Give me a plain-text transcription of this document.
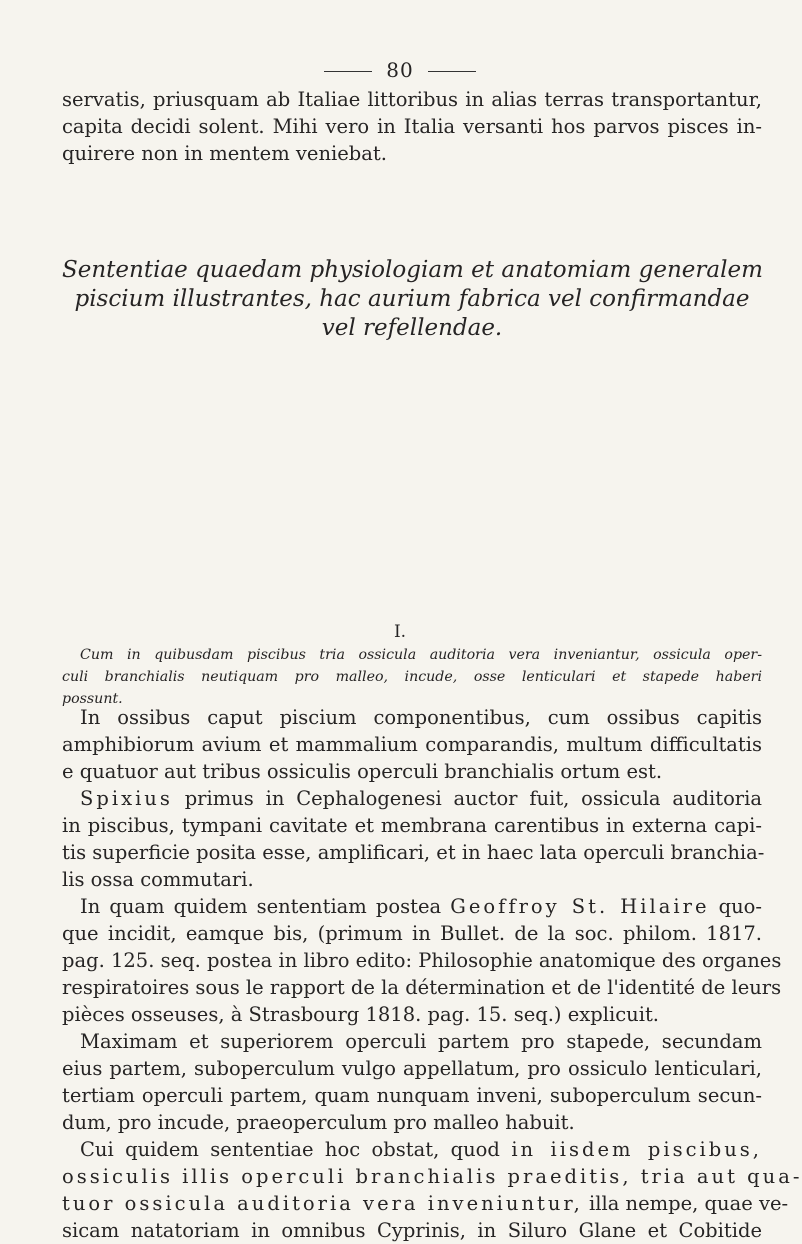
80

servatis, priusquam ab Italiae littoribus in alias terras transportantur,
capita decidi solent. Mihi vero in Italia versanti hos parvos pisces in-
quirere non in mentem veniebat.

Sententiae quaedam physiologiam et anatomiam generalem
piscium illustrantes, hac aurium fabrica vel confirmandae
vel refellendae.
I.
Cum in quibusdam piscibus tria ossicula auditoria vera inveniantur, ossicula oper-
culi branchialis neutiquam pro malleo, incude, osse lenticulari et stapede haberi
possunt.

In ossibus caput piscium componentibus, cum ossibus capitis
amphibiorum avium et mammalium comparandis, multum difficultatis
e quatuor aut tribus ossiculis operculi branchialis ortum est.

Spixius primus in Cephalogenesi auctor fuit, ossicula auditoria
in piscibus, tympani cavitate et membrana carentibus in externa capi-
tis superficie posita esse, amplificari, et in haec lata operculi branchia-
lis ossa commutari.

In quam quidem sententiam postea Geoffroy St. Hilaire quo-
que incidit, eamque bis, (primum in Bullet. de la soc. philom. 1817.
pag. 125. seq. postea in libro edito: Philosophie anatomique des organes
respiratoires sous le rapport de la détermination et de l'identité de leurs
pièces osseuses, à Strasbourg 1818. pag. 15. seq.) explicuit.

Maximam et superiorem operculi partem pro stapede, secundam
eius partem, suboperculum vulgo appellatum, pro ossiculo lenticulari,
tertiam operculi partem, quam nunquam inveni, suboperculum secun-
dum, pro incude, praeoperculum pro malleo habuit.

Cui quidem sententiae hoc obstat, quod in iisdem piscibus,
ossiculis illis operculi branchialis praeditis, tria aut qua-
tuor ossicula auditoria vera inveniuntur, illa nempe, quae ve-
sicam natatoriam in omnibus Cyprinis, in Siluro Glane et Cobitide
